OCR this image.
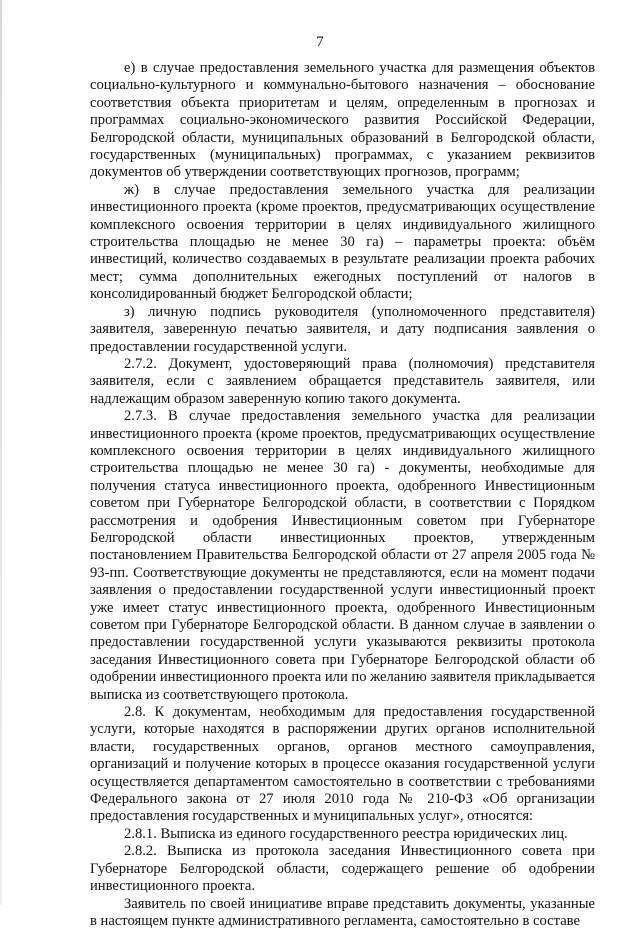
7

е) в случае предоставления земельного участка для размещения объектов социально-культурного и коммунально-бытового назначения – обоснование соответствия объекта приоритетам и целям, определенным в прогнозах и программах социально-экономического развития Российской Федерации, Белгородской области, муниципальных образований в Белгородской области, государственных (муниципальных) программах, с указанием реквизитов документов об утверждении соответствующих прогнозов, программ;

ж) в случае предоставления земельного участка для реализации инвестиционного проекта (кроме проектов, предусматривающих осуществление комплексного освоения территории в целях индивидуального жилищного строительства площадью не менее 30 га) – параметры проекта: объём инвестиций, количество создаваемых в результате реализации проекта рабочих мест; сумма дополнительных ежегодных поступлений от налогов в консолидированный бюджет Белгородской области;

з) личную подпись руководителя (уполномоченного представителя) заявителя, заверенную печатью заявителя, и дату подписания заявления о предоставлении государственной услуги.

2.7.2. Документ, удостоверяющий права (полномочия) представителя заявителя, если с заявлением обращается представитель заявителя, или надлежащим образом заверенную копию такого документа.

2.7.3. В случае предоставления земельного участка для реализации инвестиционного проекта (кроме проектов, предусматривающих осуществление комплексного освоения территории в целях индивидуального жилищного строительства площадью не менее 30 га) - документы, необходимые для получения статуса инвестиционного проекта, одобренного Инвестиционным советом при Губернаторе Белгородской области, в соответствии с Порядком рассмотрения и одобрения Инвестиционным советом при Губернаторе Белгородской области инвестиционных проектов, утвержденным постановлением Правительства Белгородской области от 27 апреля 2005 года № 93-пп. Соответствующие документы не представляются, если на момент подачи заявления о предоставлении государственной услуги инвестиционный проект уже имеет статус инвестиционного проекта, одобренного Инвестиционным советом при Губернаторе Белгородской области. В данном случае в заявлении о предоставлении государственной услуги указываются реквизиты протокола заседания Инвестиционного совета при Губернаторе Белгородской области об одобрении инвестиционного проекта или по желанию заявителя прикладывается выписка из соответствующего протокола.

2.8. К документам, необходимым для предоставления государственной услуги, которые находятся в распоряжении других органов исполнительной власти, государственных органов, органов местного самоуправления, организаций и получение которых в процессе оказания государственной услуги осуществляется департаментом самостоятельно в соответствии с требованиями Федерального закона от 27 июля 2010 года № 210-ФЗ «Об организации предоставления государственных и муниципальных услуг», относятся:

2.8.1. Выписка из единого государственного реестра юридических лиц.

2.8.2. Выписка из протокола заседания Инвестиционного совета при Губернаторе Белгородской области, содержащего решение об одобрении инвестиционного проекта.

Заявитель по своей инициативе вправе представить документы, указанные в настоящем пункте административного регламента, самостоятельно в составе
